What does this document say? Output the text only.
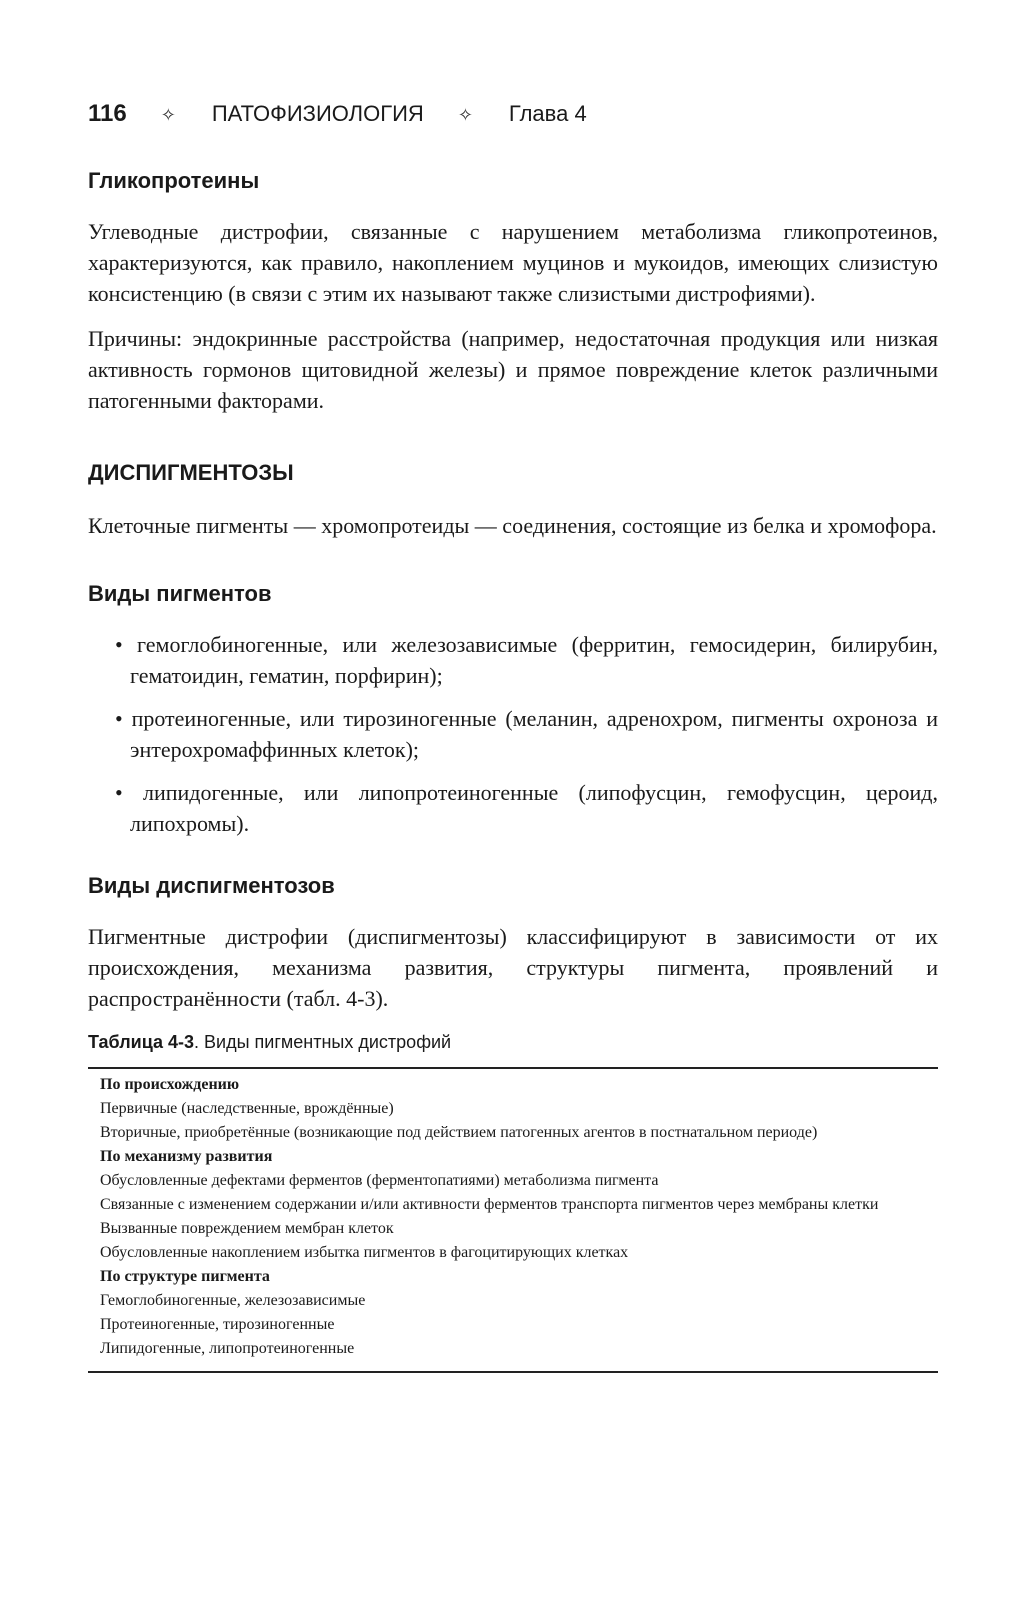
116 ✧ ПАТОФИЗИОЛОГИЯ ✧ Глава 4
Гликопротеины

Углеводные дистрофии, связанные с нарушением метаболизма гликопротеинов, характеризуются, как правило, накоплением муцинов и мукоидов, имеющих слизистую консистенцию (в связи с этим их называют также слизистыми дистрофиями).

Причины: эндокринные расстройства (например, недостаточная продукция или низкая активность гормонов щитовидной железы) и прямое повреждение клеток различными патогенными факторами.

ДИСПИГМЕНТОЗЫ

Клеточные пигменты — хромопротеиды — соединения, состоящие из белка и хромофора.

Виды пигментов
• гемоглобиногенные, или железозависимые (ферритин, гемосидерин, билирубин, гематоидин, гематин, порфирин);
• протеиногенные, или тирозиногенные (меланин, адренохром, пигменты охроноза и энтерохромаффинных клеток);
• липидогенные, или липопротеиногенные (липофусцин, гемофусцин, цероид, липохромы).
Виды диспигментозов

Пигментные дистрофии (диспигментозы) классифицируют в зависимости от их происхождения, механизма развития, структуры пигмента, проявлений и распространённости (табл. 4-3).

Таблица 4-3. Виды пигментных дистрофий

По происхождению
Первичные (наследственные, врождённые)
Вторичные, приобретённые (возникающие под действием патогенных агентов в постнатальном периоде)
По механизму развития
Обусловленные дефектами ферментов (ферментопатиями) метаболизма пигмента
Связанные с изменением содержании и/или активности ферментов транспорта пигментов через мембраны клетки
Вызванные повреждением мембран клеток
Обусловленные накоплением избытка пигментов в фагоцитирующих клетках
По структуре пигмента
Гемоглобиногенные, железозависимые
Протеиногенные, тирозиногенные
Липидогенные, липопротеиногенные
